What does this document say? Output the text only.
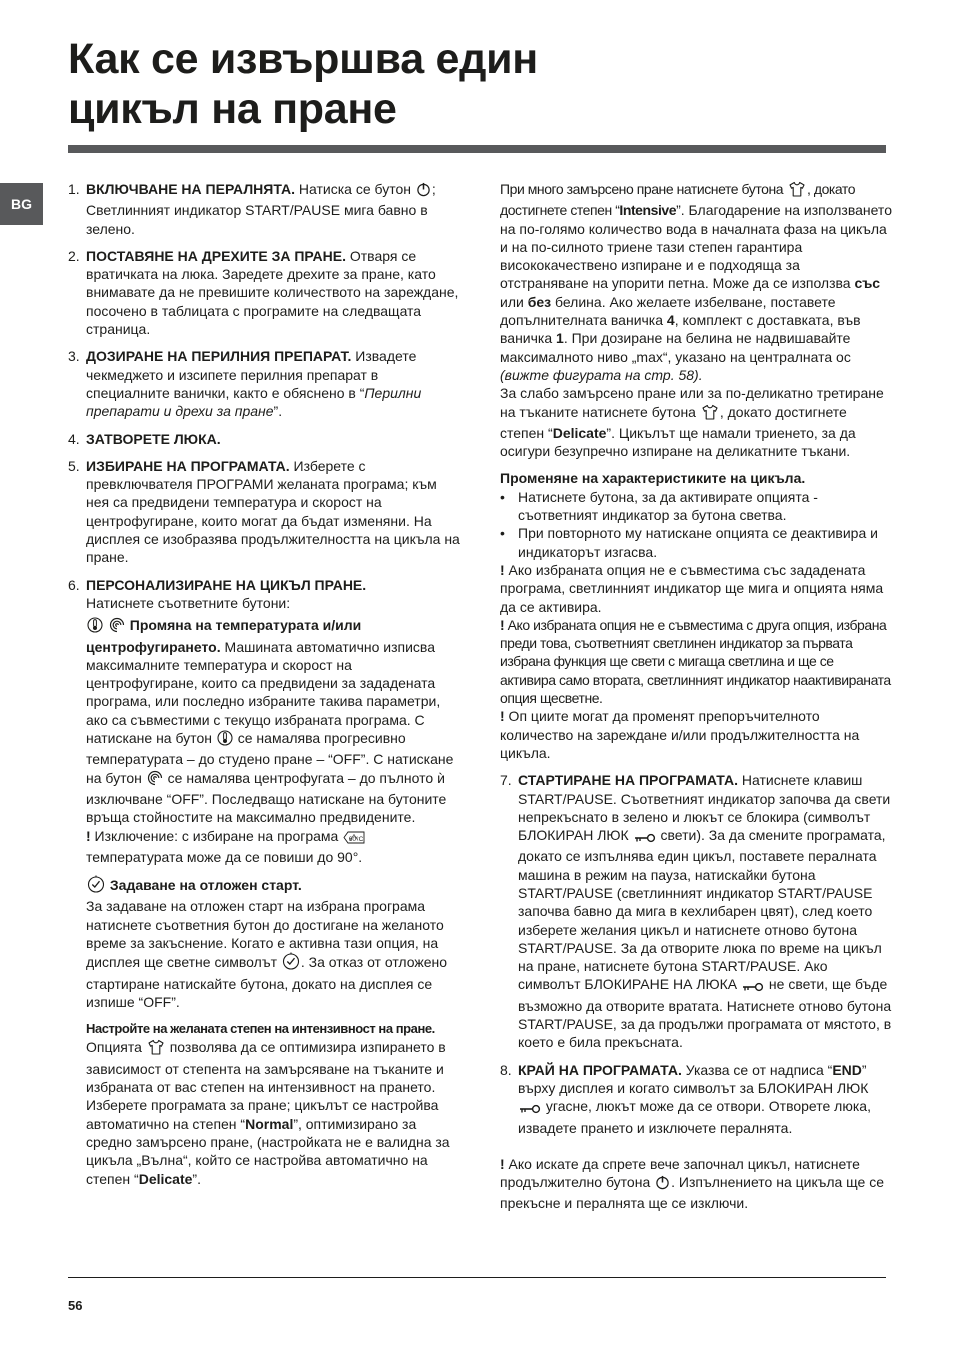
Как се извършва един
цикъл на пране
BG
1. ВКЛЮЧВАНЕ НА ПЕРАЛНЯТА. Натиска се бутон ; Светлинният индикатор START/PAUSE мига бавно в зелено.
2. ПОСТАВЯНЕ НА ДРЕХИТЕ ЗА ПРАНЕ. Отваря се вратичката на люка. Заредете дрехите за пране, като внимавате да не превишите количеството на зареждане, посочено в таблицата с програмите на следващата страница.
3. ДОЗИРАНЕ НА ПЕРИЛНИЯ ПРЕПАРАТ. Извадете чекмеджето и изсипете перилния препарат в специалните ванички, както е обяснено в “Перилни препарати и дрехи за пране”.
4. ЗАТВОРЕТЕ ЛЮКА.
5. ИЗБИРАНЕ НА ПРОГРАМАТА. Изберете с превключвателя ПРОГРАМИ желаната програма; към нея са предвидени температура и скорост на центрофугиране, които могат да бъдат изменяни. На дисплея се изобразява продължителността на цикъла на пране.
6. ПЕРСОНАЛИЗИРАНЕ НА ЦИКЪЛ ПРАНЕ.
Натиснете съответните бутони:

Промяна на температурата и/или центрофугирането. Машината автоматично изписва максималните температура и скорост на центрофугиране, които са предвидени за зададената програма, или последно избраните такива параметри, ако са съвместими с текущо избраната програма. С натискане на бутон  се намалява прогресивно температурата – до студено пране – “OFF”. С натискане на бутон  се намалява центрофугата – до пълното ѝ изключване “OFF”. Последващо натискане на бутоните връща стойностите на максимално предвидените.

! Изключение: с избиране на програма 60°C
температурата може да се повиши до 90°.

Задаване на отложен старт.
За задаване на отложен старт на избрана програма натиснете съответния бутон до достигане на желаното време за закъснение. Когато е активна тази опция, на дисплея ще светне символът . За отказ от отложено стартиране натискайте бутона, докато на дисплея се изпише “OFF”.

Настройте на желаната степен на интензивност на пране.

Опцията  позволява да се оптимизира изпирането в зависимост от степента на замърсяване на тъканите и избраната от вас степен на интензивност на прането.
Изберете програмата за пране; цикълът се настройва автоматично на степен “Normal”, оптимизирано за средно замърсено пране, (настройката не е валидна за цикъла „Вълна“, който се настройва автоматично на степен “Delicate”.

При много замърсено пране натиснете бутона , докато достигнете степен “Intensive”. Благодарение на използването на по-голямо количество вода в началната фаза на цикъла и на по-силното триене тази степен гарантира висококачествено изпиране и е подходяща за отстраняване на упорити петна. Може да се използва със или без белина. Ако желаете избелване, поставете допълнителната ваничка 4, комплект с доставката, във ваничка 1. При дозиране на белина не надвишавайте максималното ниво „max“, указано на централната ос (вижте фигурата на стр. 58).

За слабо замърсено пране или за по-деликатно третиране на тъканите натиснете бутона , докато достигнете степен “Delicate”. Цикълът ще намали триенето, за да осигури безупречно изпиране на деликатните тъкани.

Променяне на характеристиките на цикъла.

• Натиснете бутона, за да активирате опцията - съответният индикатор за бутона светва.
• При повторното му натискане опцията се деактивира и индикаторът изгасва.

! Ако избраната опция не е съвместима със зададената програма, светлинният индикатор ще мига и опцията няма да се активира.

! Ако избраната опция не е съвместима с друга опция, избрана преди това, съответният светлинен индикатор за първата избрана функция ще свети с мигаща светлина и ще се активира само втората, светлинният индикатор наактивираната опция щесветне.

! Оп циите могат да променят препоръчителното количество на зареждане и/или продължителността на цикъла.

7. СТАРТИРАНЕ НА ПРОГРАМАТА. Натиснете клавиш START/PAUSE. Съответният индикатор започва да свети непрекъснато в зелено и люкът се блокира (символът БЛОКИРАН ЛЮК  свети). За да смените програмата, докато се изпълнява един цикъл, поставете пералната машина в режим на пауза, натискайки бутона START/PAUSE (светлинният индикатор START/PAUSE започва бавно да мига в кехлибарен цвят), след което изберете желания цикъл и натиснете отново бутона START/PAUSE. За да отворите люка по време на цикъл на пране, натиснете бутона START/PAUSE. Ако символът БЛОКИРАНЕ НА ЛЮКА  не свети, ще бъде възможно да отворите вратата. Натиснете отново бутона START/PAUSE, за да продължи програмата от мястото, в което е била прекъсната.
8. КРАЙ НА ПРОГРАМАТА. Указва се от надписа “END” върху дисплея и когато символът за БЛОКИРАН ЛЮК  угасне, люкът може да се отвори. Отворете люка, извадете прането и изключете пералнята.

! Ако искате да спрете вече започнал цикъл, натиснете продължително бутона . Изпълнението на цикъла ще се прекъсне и пералнята ще се изключи.

56
